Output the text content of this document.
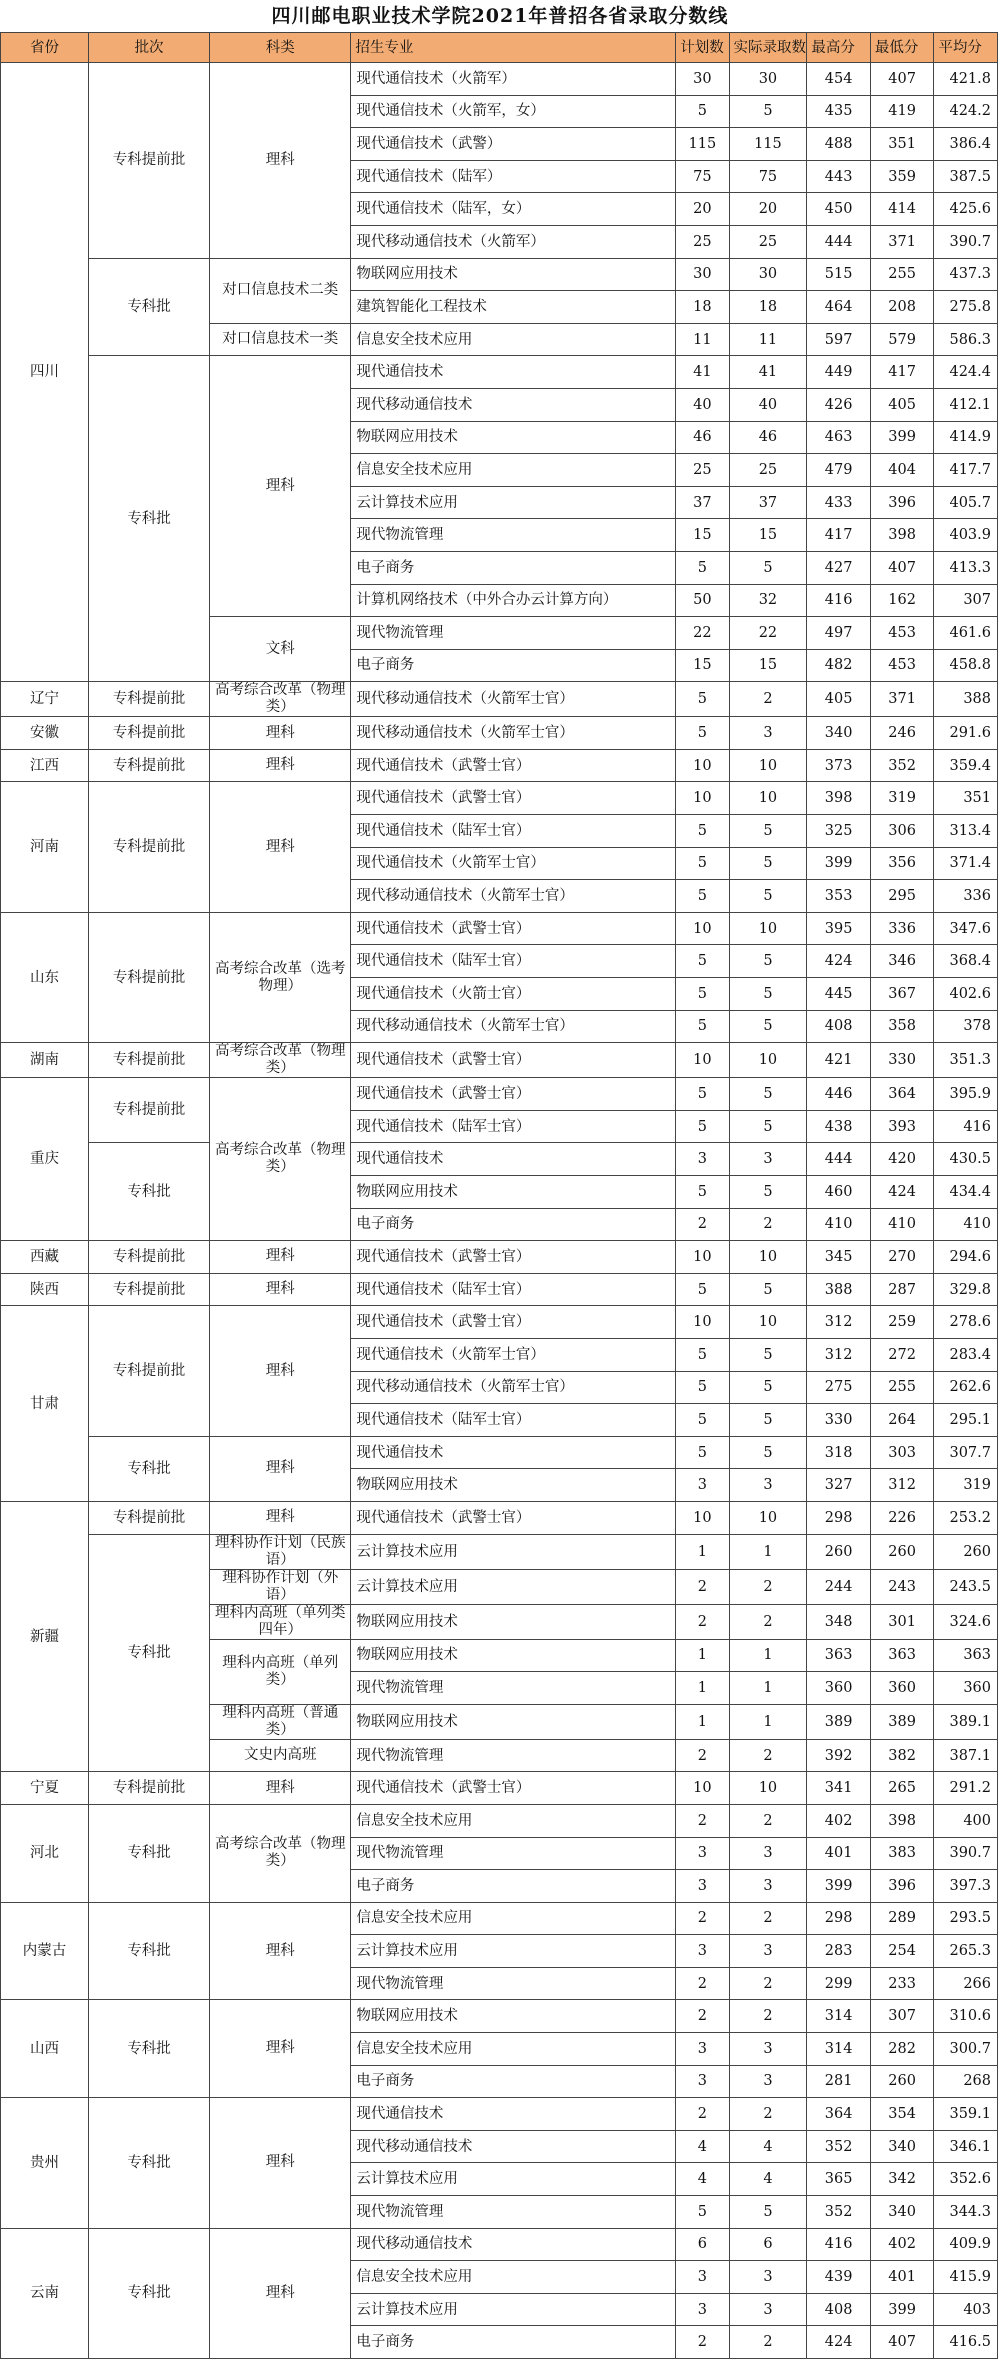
四川邮电职业技术学院2021年普招各省录取分数线
省份	批次	科类	招生专业	计划数	实际录取数	最高分	最低分	平均分
四川	专科提前批	理科	现代通信技术（火箭军）	30	30	454	407	421.8
			现代通信技术（火箭军，女）	5	5	435	419	424.2
			现代通信技术（武警）	115	115	488	351	386.4
			现代通信技术（陆军）	75	75	443	359	387.5
			现代通信技术（陆军，女）	20	20	450	414	425.6
			现代移动通信技术（火箭军）	25	25	444	371	390.7
	专科批	对口信息技术二类	物联网应用技术	30	30	515	255	437.3
			建筑智能化工程技术	18	18	464	208	275.8
		对口信息技术一类	信息安全技术应用	11	11	597	579	586.3
	专科批	理科	现代通信技术	41	41	449	417	424.4
			现代移动通信技术	40	40	426	405	412.1
			物联网应用技术	46	46	463	399	414.9
			信息安全技术应用	25	25	479	404	417.7
			云计算技术应用	37	37	433	396	405.7
			现代物流管理	15	15	417	398	403.9
			电子商务	5	5	427	407	413.3
			计算机网络技术（中外合办云计算方向）	50	32	416	162	307
		文科	现代物流管理	22	22	497	453	461.6
			电子商务	15	15	482	453	458.8
辽宁	专科提前批	高考综合改革（物理类）	现代移动通信技术（火箭军士官）	5	2	405	371	388
安徽	专科提前批	理科	现代移动通信技术（火箭军士官）	5	3	340	246	291.6
江西	专科提前批	理科	现代通信技术（武警士官）	10	10	373	352	359.4
河南	专科提前批	理科	现代通信技术（武警士官）	10	10	398	319	351
			现代通信技术（陆军士官）	5	5	325	306	313.4
			现代通信技术（火箭军士官）	5	5	399	356	371.4
			现代移动通信技术（火箭军士官）	5	5	353	295	336
山东	专科提前批	高考综合改革（选考物理）	现代通信技术（武警士官）	10	10	395	336	347.6
			现代通信技术（陆军士官）	5	5	424	346	368.4
			现代通信技术（火箭士官）	5	5	445	367	402.6
			现代移动通信技术（火箭军士官）	5	5	408	358	378
湖南	专科提前批	高考综合改革（物理类）	现代通信技术（武警士官）	10	10	421	330	351.3
重庆	专科提前批	高考综合改革（物理类）	现代通信技术（武警士官）	5	5	446	364	395.9
			现代通信技术（陆军士官）	5	5	438	393	416
	专科批		现代通信技术	3	3	444	420	430.5
			物联网应用技术	5	5	460	424	434.4
			电子商务	2	2	410	410	410
西藏	专科提前批	理科	现代通信技术（武警士官）	10	10	345	270	294.6
陕西	专科提前批	理科	现代通信技术（陆军士官）	5	5	388	287	329.8
甘肃	专科提前批	理科	现代通信技术（武警士官）	10	10	312	259	278.6
			现代通信技术（火箭军士官）	5	5	312	272	283.4
			现代移动通信技术（火箭军士官）	5	5	275	255	262.6
			现代通信技术（陆军士官）	5	5	330	264	295.1
	专科批	理科	现代通信技术	5	5	318	303	307.7
			物联网应用技术	3	3	327	312	319
新疆	专科提前批	理科	现代通信技术（武警士官）	10	10	298	226	253.2
	专科批	理科协作计划（民族语）	云计算技术应用	1	1	260	260	260
		理科协作计划（外语）	云计算技术应用	2	2	244	243	243.5
		理科内高班（单列类四年）	物联网应用技术	2	2	348	301	324.6
		理科内高班（单列类）	物联网应用技术	1	1	363	363	363
			现代物流管理	1	1	360	360	360
		理科内高班（普通类）	物联网应用技术	1	1	389	389	389.1
		文史内高班	现代物流管理	2	2	392	382	387.1
宁夏	专科提前批	理科	现代通信技术（武警士官）	10	10	341	265	291.2
河北	专科批	高考综合改革（物理类）	信息安全技术应用	2	2	402	398	400
			现代物流管理	3	3	401	383	390.7
			电子商务	3	3	399	396	397.3
内蒙古	专科批	理科	信息安全技术应用	2	2	298	289	293.5
			云计算技术应用	3	3	283	254	265.3
			现代物流管理	2	2	299	233	266
山西	专科批	理科	物联网应用技术	2	2	314	307	310.6
			信息安全技术应用	3	3	314	282	300.7
			电子商务	3	3	281	260	268
贵州	专科批	理科	现代通信技术	2	2	364	354	359.1
			现代移动通信技术	4	4	352	340	346.1
			云计算技术应用	4	4	365	342	352.6
			现代物流管理	5	5	352	340	344.3
云南	专科批	理科	现代移动通信技术	6	6	416	402	409.9
			信息安全技术应用	3	3	439	401	415.9
			云计算技术应用	3	3	408	399	403
			电子商务	2	2	424	407	416.5
